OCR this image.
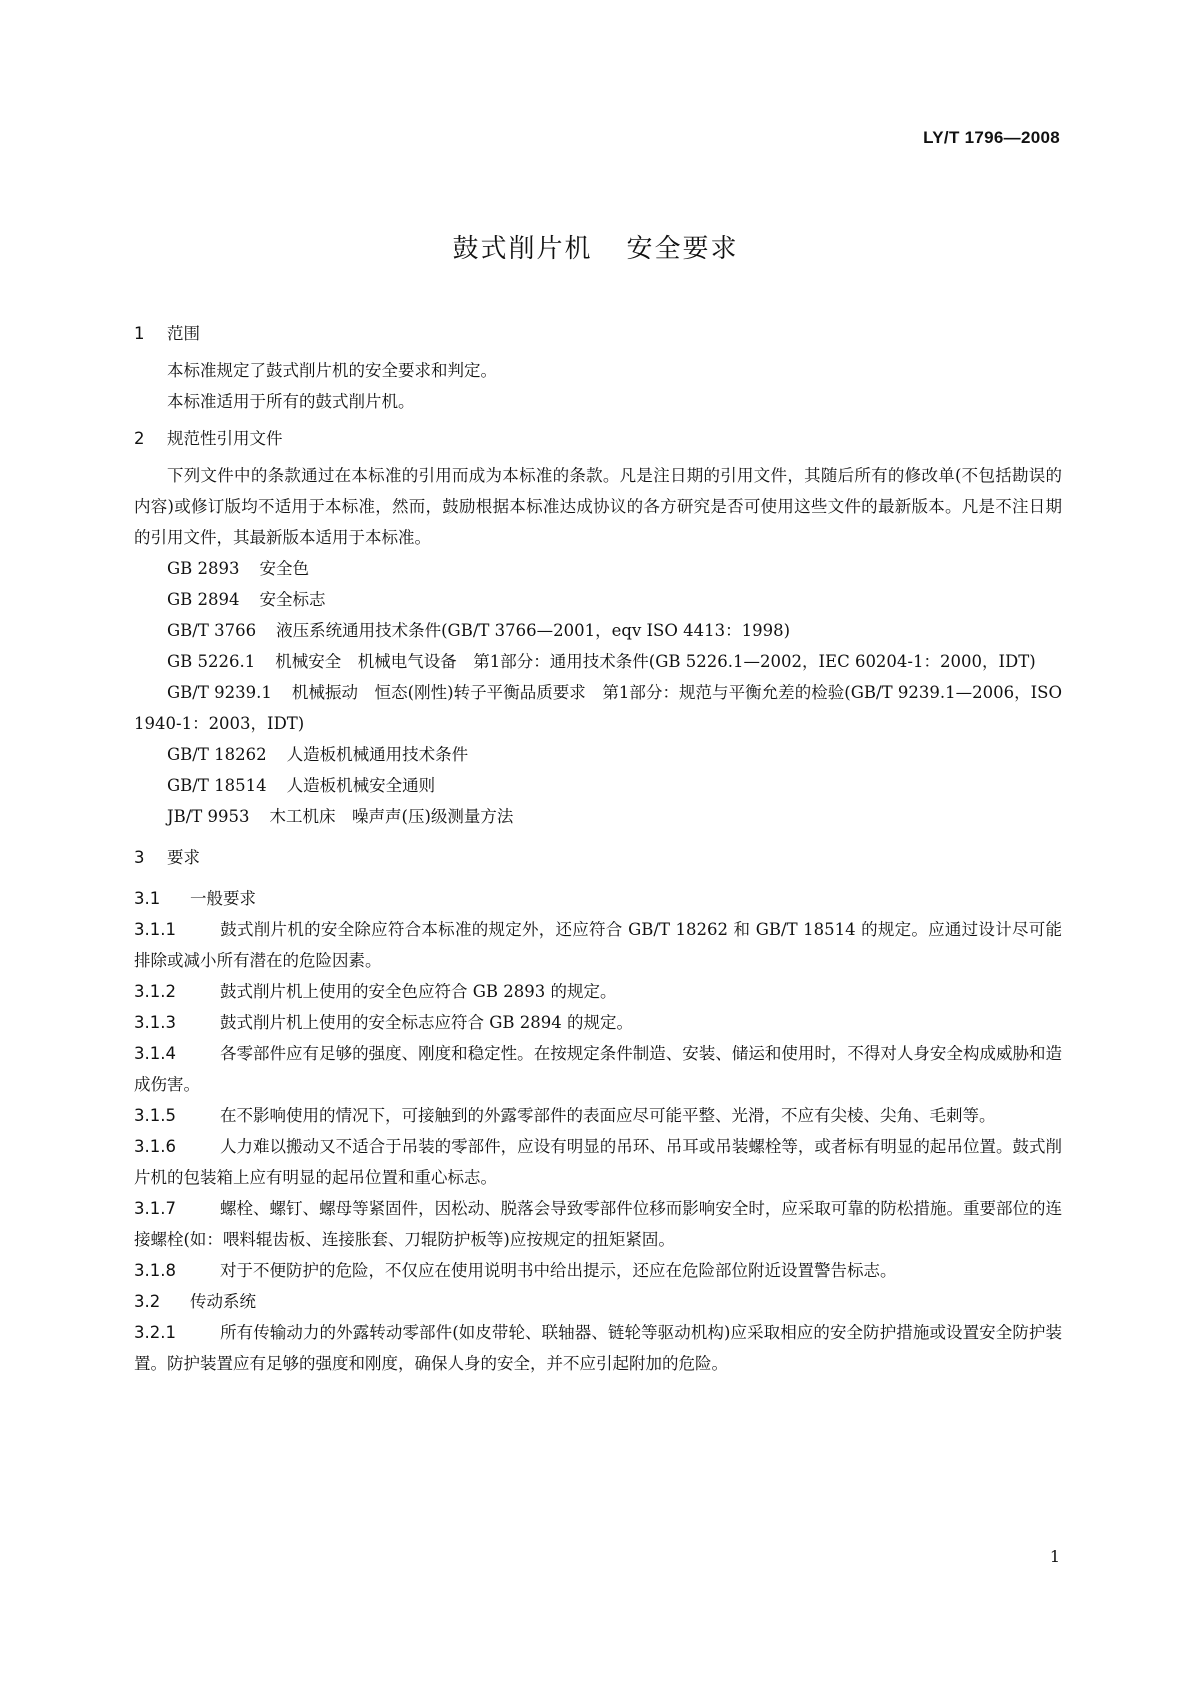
LY/T 1796—2008
鼓式削片机 安全要求
1 范围

本标准规定了鼓式削片机的安全要求和判定。

本标准适用于所有的鼓式削片机。

2 规范性引用文件

下列文件中的条款通过在本标准的引用而成为本标准的条款。凡是注日期的引用文件，其随后所有的修改单(不包括勘误的内容)或修订版均不适用于本标准，然而，鼓励根据本标准达成协议的各方研究是否可使用这些文件的最新版本。凡是不注日期的引用文件，其最新版本适用于本标准。

GB 2893 安全色

GB 2894 安全标志

GB/T 3766 液压系统通用技术条件(GB/T 3766—2001，eqv ISO 4413：1998)

GB 5226.1 机械安全　机械电气设备　第1部分：通用技术条件(GB 5226.1—2002，IEC 60204-1：2000，IDT)

GB/T 9239.1 机械振动　恒态(刚性)转子平衡品质要求　第1部分：规范与平衡允差的检验(GB/T 9239.1—2006，ISO 1940-1：2003，IDT)

GB/T 18262 人造板机械通用技术条件

GB/T 18514 人造板机械安全通则

JB/T 9953 木工机床　噪声声(压)级测量方法

3 要求
3.1 一般要求

3.1.1	鼓式削片机的安全除应符合本标准的规定外，还应符合 GB/T 18262 和 GB/T 18514 的规定。应通过设计尽可能排除或减小所有潜在的危险因素。

3.1.2	鼓式削片机上使用的安全色应符合 GB 2893 的规定。

3.1.3	鼓式削片机上使用的安全标志应符合 GB 2894 的规定。

3.1.4	各零部件应有足够的强度、刚度和稳定性。在按规定条件制造、安装、储运和使用时，不得对人身安全构成威胁和造成伤害。

3.1.5	在不影响使用的情况下，可接触到的外露零部件的表面应尽可能平整、光滑，不应有尖棱、尖角、毛刺等。

3.1.6	人力难以搬动又不适合于吊装的零部件，应设有明显的吊环、吊耳或吊装螺栓等，或者标有明显的起吊位置。鼓式削片机的包装箱上应有明显的起吊位置和重心标志。

3.1.7	螺栓、螺钉、螺母等紧固件，因松动、脱落会导致零部件位移而影响安全时，应采取可靠的防松措施。重要部位的连接螺栓(如：喂料辊齿板、连接胀套、刀辊防护板等)应按规定的扭矩紧固。

3.1.8	对于不便防护的危险，不仅应在使用说明书中给出提示，还应在危险部位附近设置警告标志。

3.2 传动系统

3.2.1	所有传输动力的外露转动零部件(如皮带轮、联轴器、链轮等驱动机构)应采取相应的安全防护措施或设置安全防护装置。防护装置应有足够的强度和刚度，确保人身的安全，并不应引起附加的危险。

1
